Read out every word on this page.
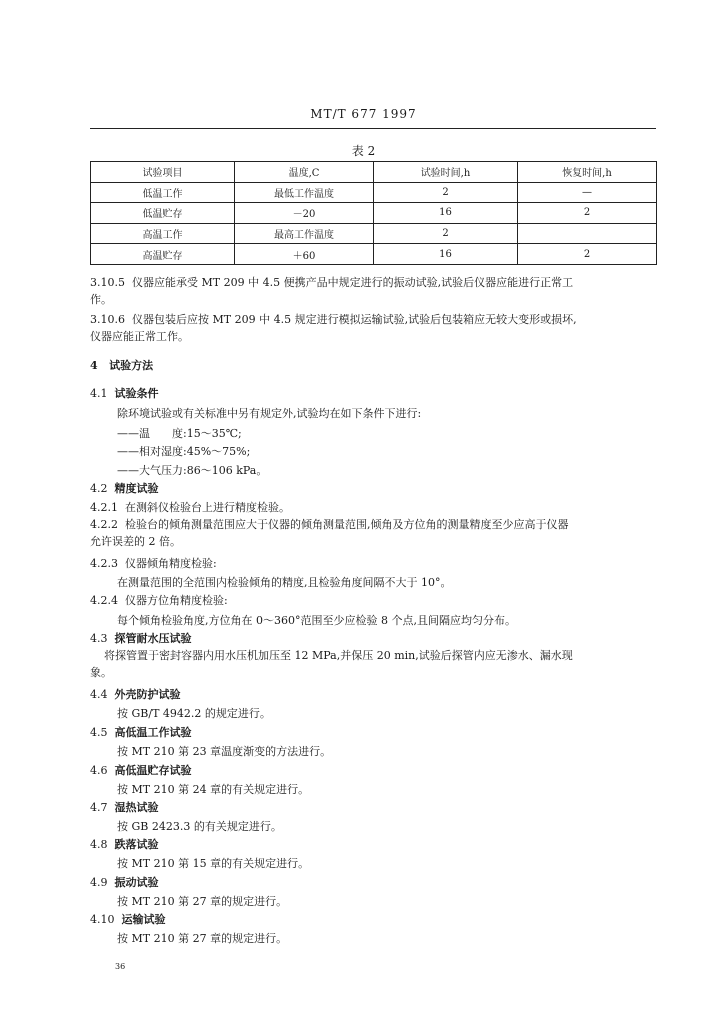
MT/T 677 1997
表 2
试验项目	温度,C	试验时间,h	恢复时间,h
低温工作	最低工作温度	2	—
低温贮存	－20	16	2
高温工作	最高工作温度	2	
高温贮存	＋60	16	2
3.10.5 仪器应能承受 MT 209 中 4.5 便携产品中规定进行的振动试验,试验后仪器应能进行正常工
作。
3.10.6 仪器包装后应按 MT 209 中 4.5 规定进行模拟运输试验,试验后包装箱应无较大变形或损坏,
仪器应能正常工作。
4 试验方法
4.1 试验条件
除环境试验或有关标准中另有规定外,试验均在如下条件下进行:
——温　　度:15～35℃;
——相对湿度:45%～75%;
——大气压力:86～106 kPa。
4.2 精度试验
4.2.1 在测斜仪检验台上进行精度检验。
4.2.2 检验台的倾角测量范围应大于仪器的倾角测量范围,倾角及方位角的测量精度至少应高于仪器
允许误差的 2 倍。
4.2.3 仪器倾角精度检验:
在测量范围的全范围内检验倾角的精度,且检验角度间隔不大于 10°。
4.2.4 仪器方位角精度检验:
每个倾角检验角度,方位角在 0～360°范围至少应检验 8 个点,且间隔应均匀分布。
4.3 探管耐水压试验
将探管置于密封容器内用水压机加压至 12 MPa,并保压 20 min,试验后探管内应无渗水、漏水现
象。
4.4 外壳防护试验
按 GB/T 4942.2 的规定进行。
4.5 高低温工作试验
按 MT 210 第 23 章温度渐变的方法进行。
4.6 高低温贮存试验
按 MT 210 第 24 章的有关规定进行。
4.7 湿热试验
按 GB 2423.3 的有关规定进行。
4.8 跌落试验
按 MT 210 第 15 章的有关规定进行。
4.9 振动试验
按 MT 210 第 27 章的规定进行。
4.10 运输试验
按 MT 210 第 27 章的规定进行。
36
